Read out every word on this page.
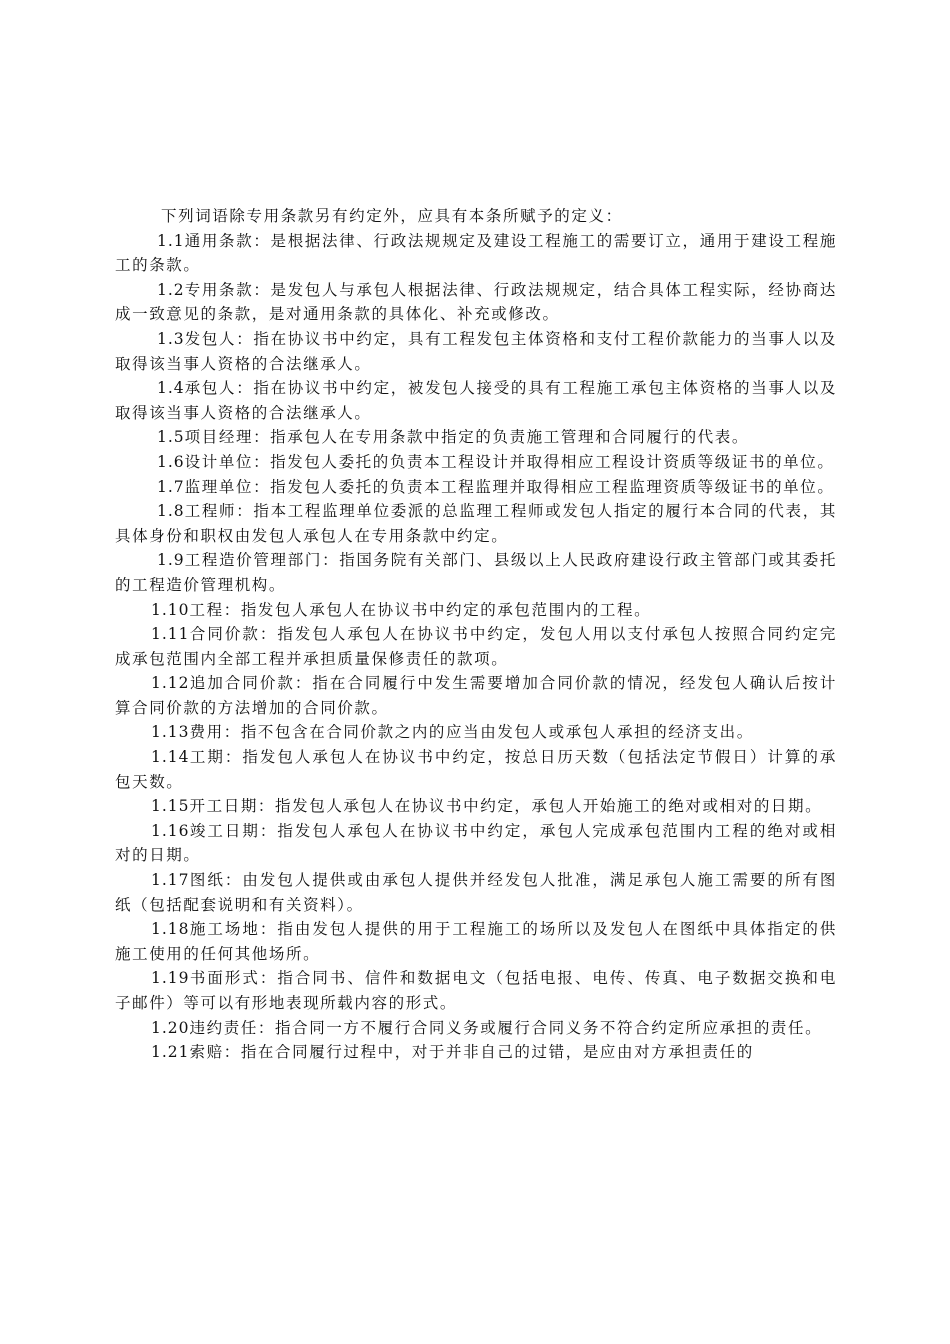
下列词语除专用条款另有约定外，应具有本条所赋予的定义：

1.1通用条款：是根据法律、行政法规规定及建设工程施工的需要订立，通用于建设工程施工的条款。

1.2专用条款：是发包人与承包人根据法律、行政法规规定，结合具体工程实际，经协商达成一致意见的条款，是对通用条款的具体化、补充或修改。

1.3发包人：指在协议书中约定，具有工程发包主体资格和支付工程价款能力的当事人以及取得该当事人资格的合法继承人。

1.4承包人：指在协议书中约定，被发包人接受的具有工程施工承包主体资格的当事人以及取得该当事人资格的合法继承人。

1.5项目经理：指承包人在专用条款中指定的负责施工管理和合同履行的代表。

1.6设计单位：指发包人委托的负责本工程设计并取得相应工程设计资质等级证书的单位。

1.7监理单位：指发包人委托的负责本工程监理并取得相应工程监理资质等级证书的单位。

1.8工程师：指本工程监理单位委派的总监理工程师或发包人指定的履行本合同的代表，其具体身份和职权由发包人承包人在专用条款中约定。

1.9工程造价管理部门：指国务院有关部门、县级以上人民政府建设行政主管部门或其委托的工程造价管理机构。

1.10工程：指发包人承包人在协议书中约定的承包范围内的工程。

1.11合同价款：指发包人承包人在协议书中约定，发包人用以支付承包人按照合同约定完成承包范围内全部工程并承担质量保修责任的款项。

1.12追加合同价款：指在合同履行中发生需要增加合同价款的情况，经发包人确认后按计算合同价款的方法增加的合同价款。

1.13费用：指不包含在合同价款之内的应当由发包人或承包人承担的经济支出。

1.14工期：指发包人承包人在协议书中约定，按总日历天数（包括法定节假日）计算的承包天数。

1.15开工日期：指发包人承包人在协议书中约定，承包人开始施工的绝对或相对的日期。

1.16竣工日期：指发包人承包人在协议书中约定，承包人完成承包范围内工程的绝对或相对的日期。

1.17图纸：由发包人提供或由承包人提供并经发包人批准，满足承包人施工需要的所有图纸（包括配套说明和有关资料）。

1.18施工场地：指由发包人提供的用于工程施工的场所以及发包人在图纸中具体指定的供施工使用的任何其他场所。

1.19书面形式：指合同书、信件和数据电文（包括电报、电传、传真、电子数据交换和电子邮件）等可以有形地表现所载内容的形式。

1.20违约责任：指合同一方不履行合同义务或履行合同义务不符合约定所应承担的责任。

1.21索赔：指在合同履行过程中，对于并非自己的过错，是应由对方承担责任的
